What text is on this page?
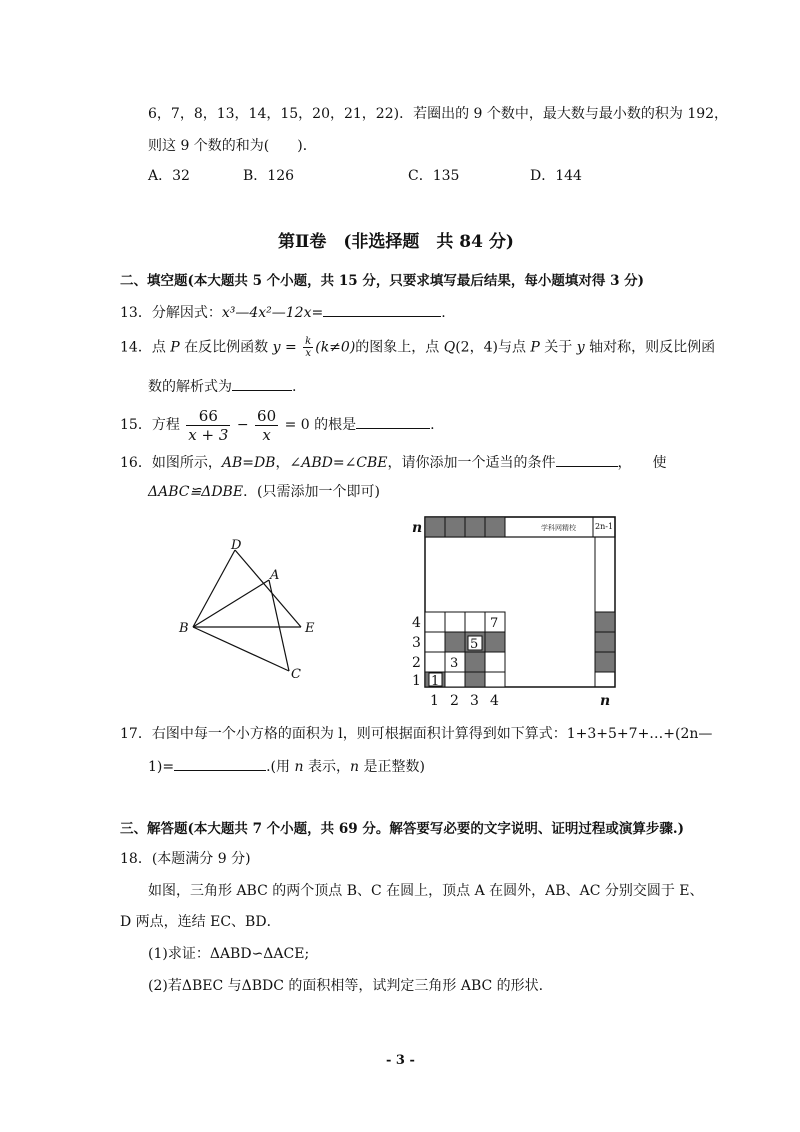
6，7，8，13，14，15，20，21，22)．若圈出的 9 个数中，最大数与最小数的积为 192，
则这 9 个数的和为(　　)．
A．32	B．126	C．135	D．144
第Ⅱ卷　(非选择题　共 84 分)
二、填空题(本大题共 5 个小题，共 15 分，只要求填写最后结果，每小题填对得 3 分)
13．分解因式：x³—4x²—12x=	.
14．点 P 在反比例函数 $y = \frac{k}{x} (k\ne 0)$的图象上，点 Q(2，4)与点 P 关于 y 轴对称，则反比例函
数的解析式为	.
15．方程 $\frac{66}{x + 3} - \frac{60}{x} = 0$ 的根是	.
16．如图所示，AB=DB，∠ABD=∠CBE，请你添加一个适当的条件	，　　使
ΔABC≌ΔDBE．(只需添加一个即可)
D
A
B	E
C
学科网精校 2n-1
1
3
5
7
n
4
3
2
1
1 2 3 4	n
17．右图中每一个小方格的面积为 l，则可根据面积计算得到如下算式：1+3+5+7+…+(2n—
1)=	.(用 n 表示，n 是正整数)
三、解答题(本大题共 7 个小题，共 69 分。解答要写必要的文字说明、证明过程或演算步骤.)
18．(本题满分 9 分)
如图，三角形 ABC 的两个顶点 B、C 在圆上，顶点 A 在圆外，AB、AC 分别交圆于 E、
D 两点，连结 EC、BD．
(1)求证：ΔABD∽ΔACE;
(2)若ΔBEC 与ΔBDC 的面积相等，试判定三角形 ABC 的形状.
- 3 -
